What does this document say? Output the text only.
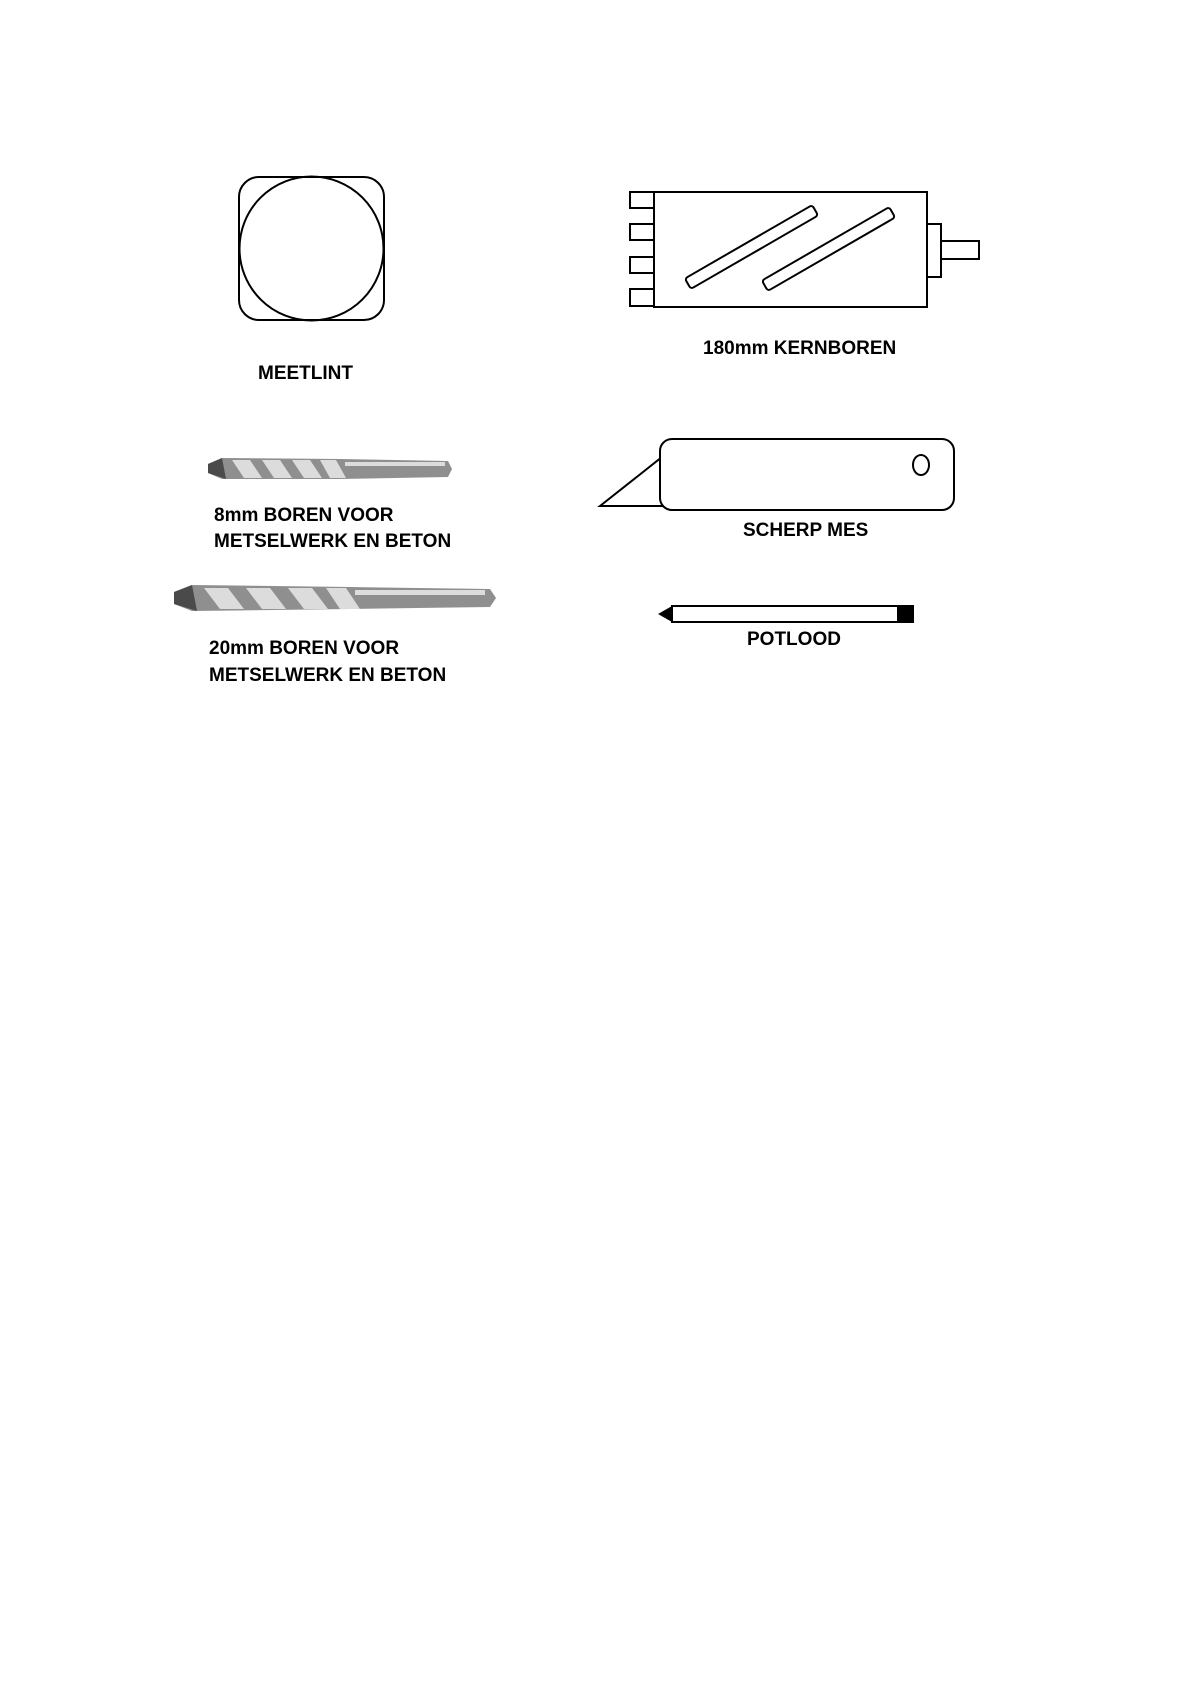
MEETLINT
180mm KERNBOREN
8mm BOREN VOOR
METSELWERK EN BETON
SCHERP MES
20mm BOREN VOOR
METSELWERK EN BETON
POTLOOD
